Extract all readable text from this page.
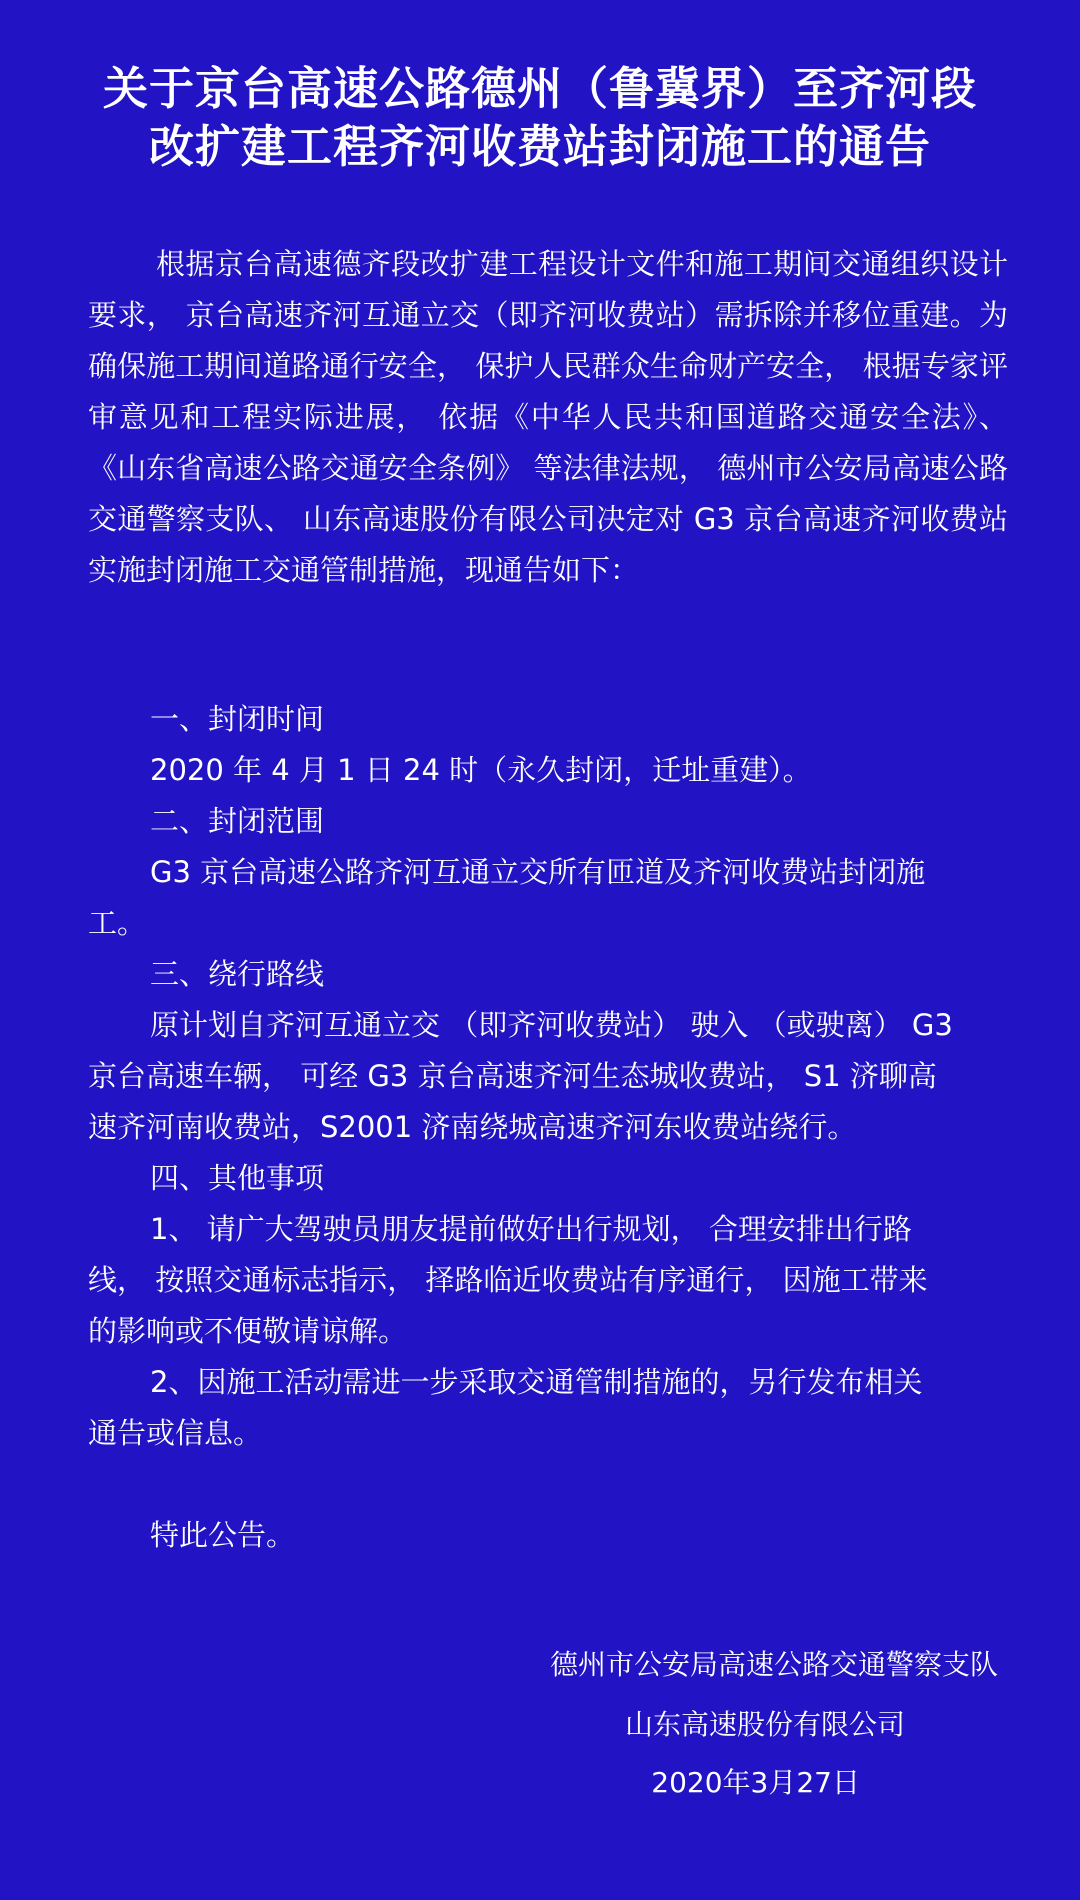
关于京台高速公路德州（鲁冀界）至齐河段
改扩建工程齐河收费站封闭施工的通告
根据京台高速德齐段改扩建工程设计文件和施工期间交通组织设计要求， 京台高速齐河互通立交（即齐河收费站）需拆除并移位重建。为确保施工期间道路通行安全， 保护人民群众生命财产安全， 根据专家评审意见和工程实际进展， 依据《中华人民共和国道路交通安全法》、 《山东省高速公路交通安全条例》 等法律法规， 德州市公安局高速公路交通警察支队、 山东高速股份有限公司决定对 G3 京台高速齐河收费站实施封闭施工交通管制措施，现通告如下：
一、封闭时间
2020 年 4 月 1 日 24 时（永久封闭，迁址重建）。
二、封闭范围
G3 京台高速公路齐河互通立交所有匝道及齐河收费站封闭施
工。
三、绕行路线
原计划自齐河互通立交 （即齐河收费站） 驶入 （或驶离） G3
京台高速车辆， 可经 G3 京台高速齐河生态城收费站， S1 济聊高
速齐河南收费站，S2001 济南绕城高速齐河东收费站绕行。
四、其他事项
1、 请广大驾驶员朋友提前做好出行规划， 合理安排出行路
线， 按照交通标志指示， 择路临近收费站有序通行， 因施工带来
的影响或不便敬请谅解。
2、因施工活动需进一步采取交通管制措施的，另行发布相关
通告或信息。
特此公告。
德州市公安局高速公路交通警察支队
山东高速股份有限公司
2020年3月27日
